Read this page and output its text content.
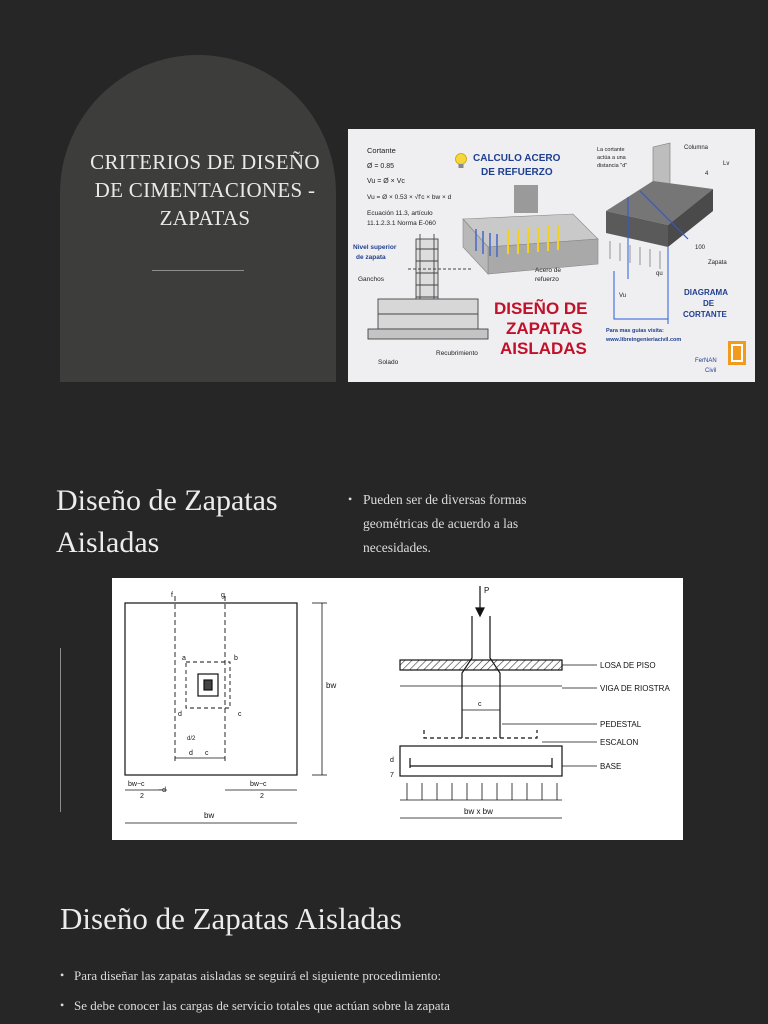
CRITERIOS DE DISEÑO DE CIMENTACIONES - ZAPATAS
Cortante
Ø = 0.85
Vu = Ø × Vc
Vu = Ø × 0.53 × √f'c × bw × d
Ecuación 11.3, artículo
11.1.2.3.1 Norma E-060
CALCULO ACERO
DE REFUERZO
Acero de
refuerzo
Nivel superior
de zapata
Ganchos
Solado
Recubrimiento
DISEÑO DE
ZAPATAS
AISLADAS
La cortante
actúa a una
distancia "d"
Columna
Lv
4
100
Zapata
Vu
qu
DIAGRAMA
DE
CORTANTE
Para mas guias visita:
www.libreingenieriacivil.com
FerNAN
Civil
Diseño de Zapatas Aisladas
• Pueden ser de diversas formas geométricas de acuerdo a las necesidades.
f	g
a	b
c
d
d/2
d c
bw
bw−c
2
−d
bw−c
2
bw
P
LOSA DE PISO
VIGA DE RIOSTRA
PEDESTAL
ESCALON
BASE
c
d
7
bw x bw
Diseño de Zapatas Aisladas
• Para diseñar las zapatas aisladas se seguirá el siguiente procedimiento:
• Se debe conocer las cargas de servicio totales que actúan sobre la zapata
